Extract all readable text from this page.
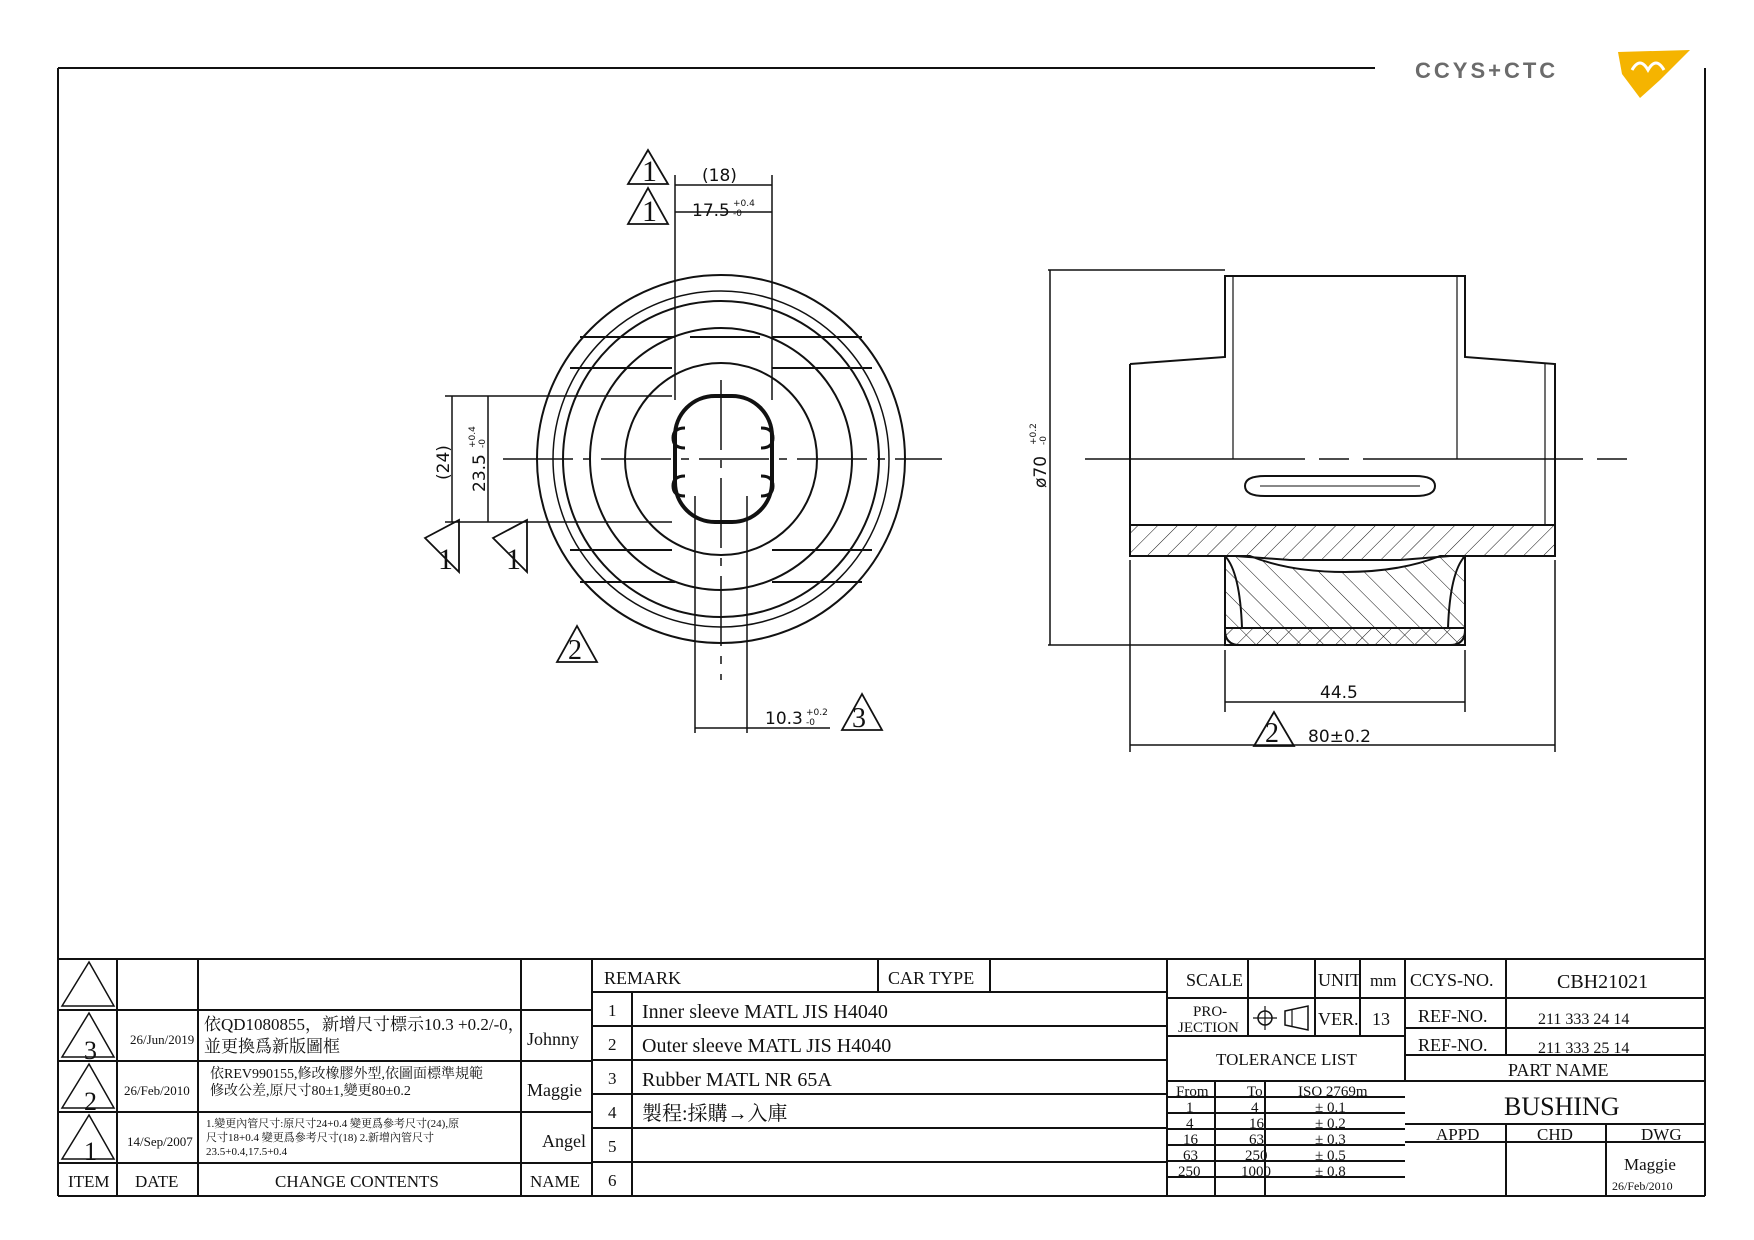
CCYS+CTC
1
1
1 1
2
3
(18)
17.5 +0.4
-0
(24) 23.5
+0.4 -0
10.3 +0.2
-0	2
ø70
+0.2 -0
44.5
80±0.2
3	26/Jun/2019
依QD1080855，新增尺寸標示10.3 +0.2/-0，
並更換爲新版圖框	Johnny
2 26/Feb/2010
依REV990155,修改橡膠外型,依圖面標準規範
修改公差,原尺寸80±1,變更80±0.2	Maggie
1 14/Sep/2007
1.變更內管尺寸:原尺寸24+0.4 變更爲參考尺寸(24),原
尺寸18+0.4 變更爲參考尺寸(18) 2.新增內管尺寸
23.5+0.4,17.5+0.4
Angel
ITEM DATE	CHANGE CONTENTS	NAME
REMARK	CAR TYPE
1 Inner sleeve MATL JIS H4040
2 Outer sleeve MATL JIS H4040
3 Rubber MATL NR 65A
4 製程:採購→入庫
5
6
SCALE	UNIT mm
PRO-
JECTION	VER. 13
TOLERANCE LIST
From	To ISO 2769m
1	4	± 0.1
4	16	± 0.2
16	63	± 0.3
63	250	± 0.5
250	1000	± 0.8
CCYS-NO.	CBH21021
REF-NO.	211 333 24 14
REF-NO.	211 333 25 14
PART NAME
BUSHING
APPD	CHD	DWG
Maggie
26/Feb/2010
